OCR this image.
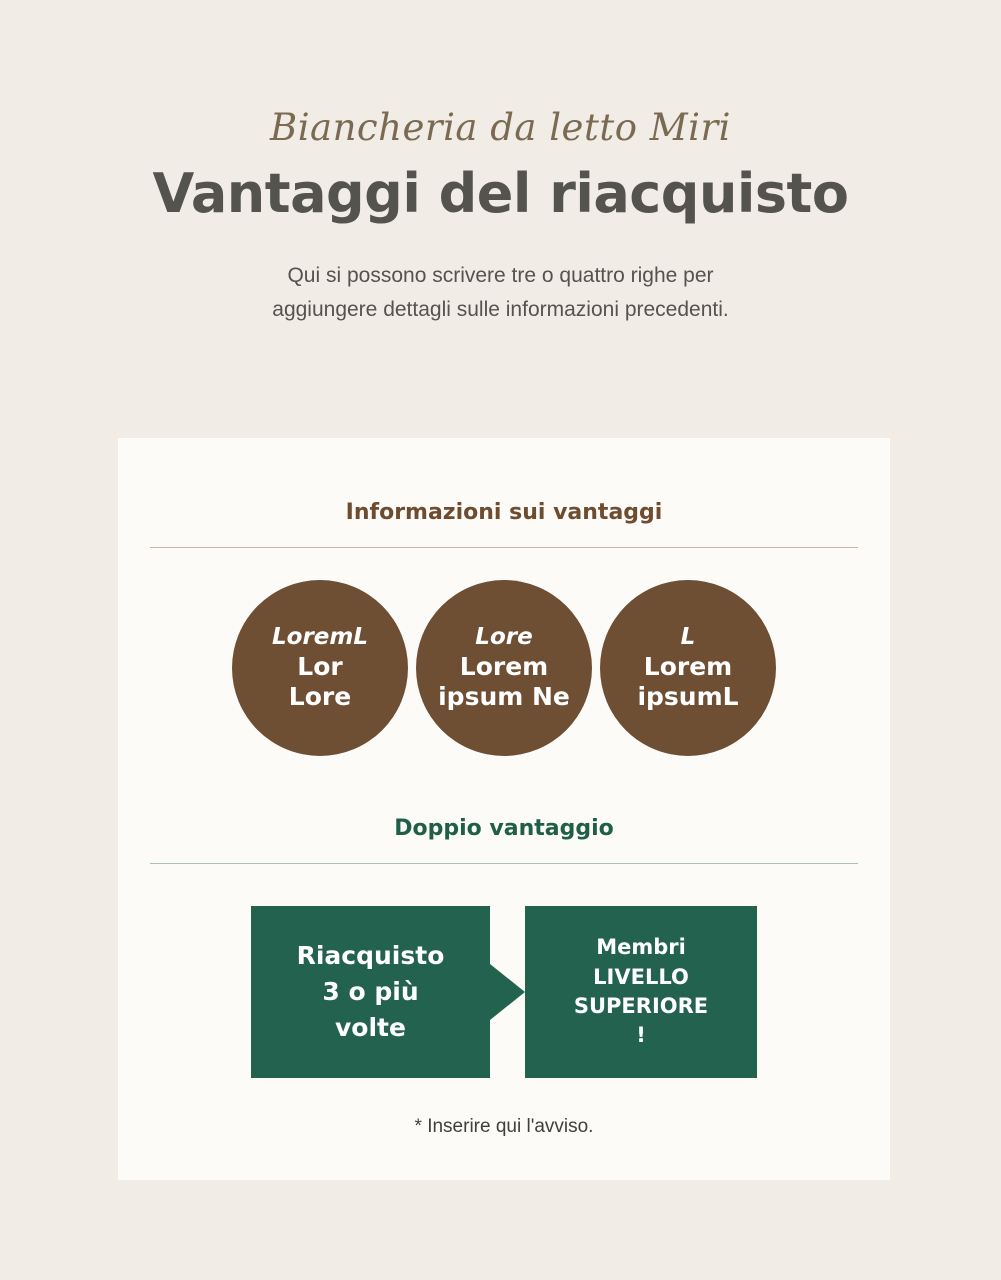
Biancheria da letto Miri
Vantaggi del riacquisto
Qui si possono scrivere tre o quattro righe per
aggiungere dettagli sulle informazioni precedenti.
Informazioni sui vantaggi
LoremL
Lor
Lore
Lore
Lorem
ipsum Ne
L
Lorem
ipsumL
Doppio vantaggio
Riacquisto
3 o più
volte
Membri
LIVELLO
SUPERIORE
!
* Inserire qui l'avviso.
